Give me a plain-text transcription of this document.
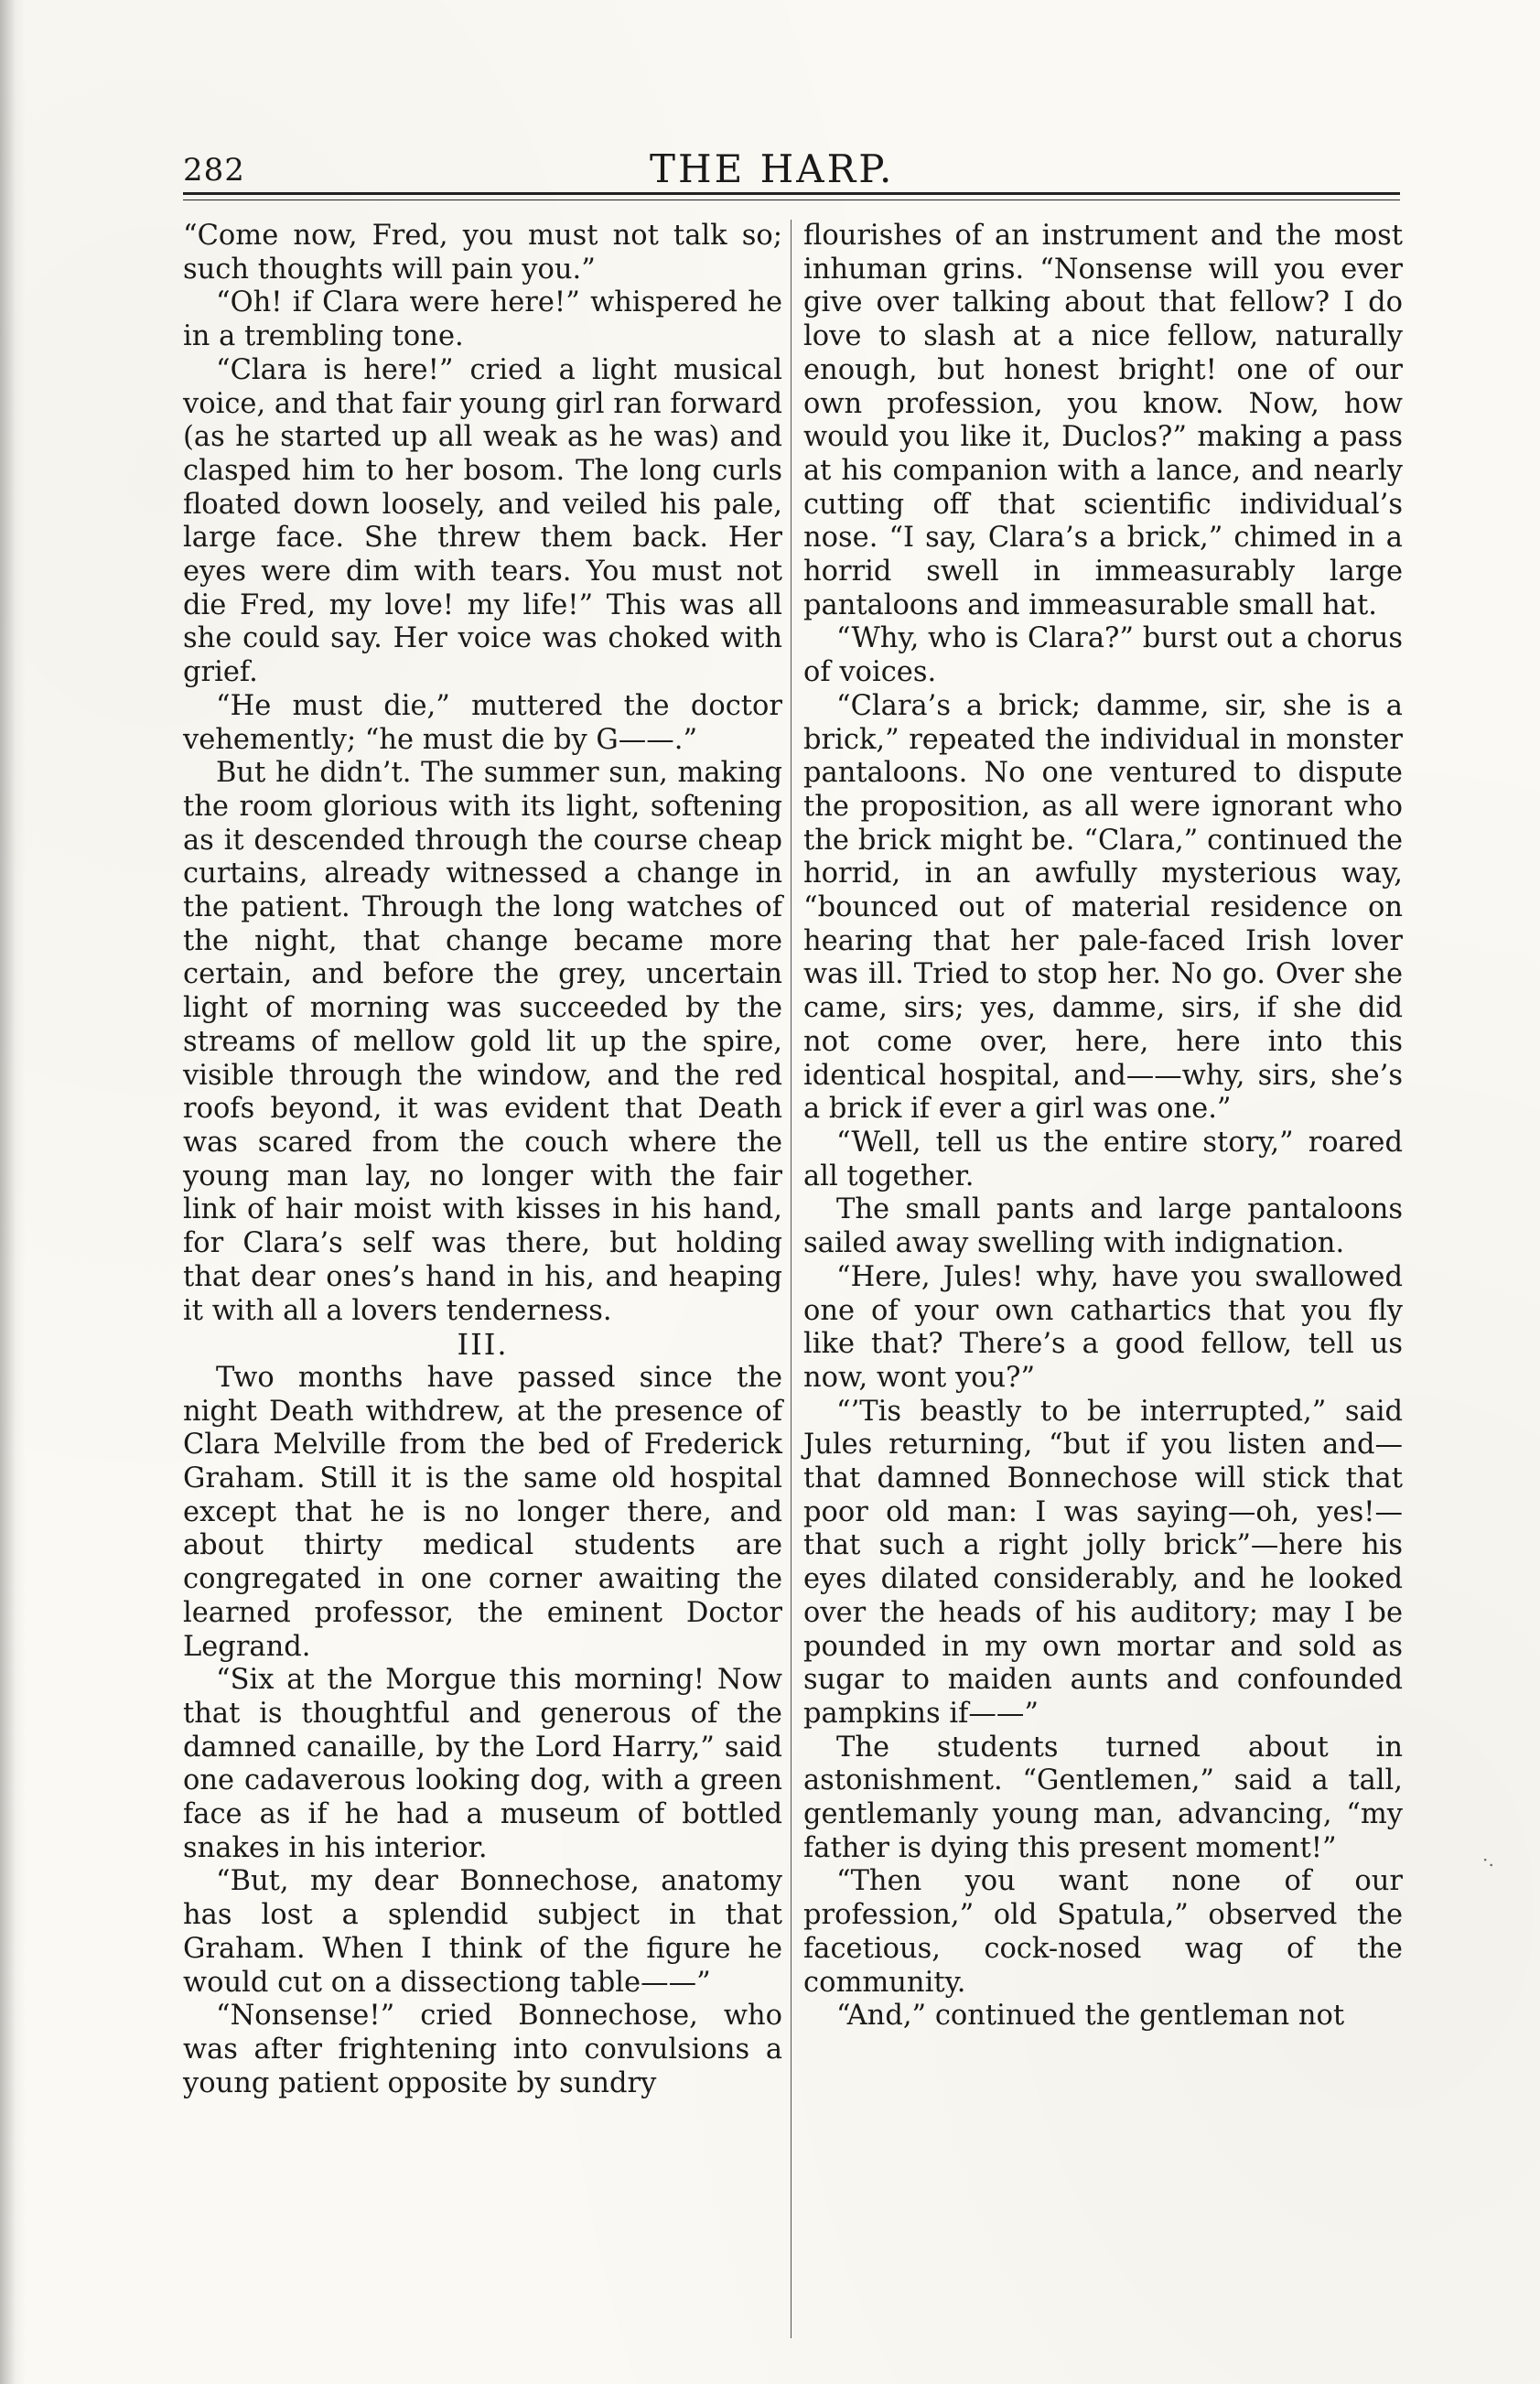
282	THE HARP.

“Come now, Fred, you must not talk so; such thoughts will pain you.”

“Oh! if Clara were here!” whispered he in a trembling tone.

“Clara is here!” cried a light musical voice, and that fair young girl ran forward (as he started up all weak as he was) and clasped him to her bosom. The long curls floated down loosely, and veiled his pale, large face. She threw them back. Her eyes were dim with tears. You must not die Fred, my love! my life!” This was all she could say. Her voice was choked with grief.

“He must die,” muttered the doctor vehemently; “he must die by G——.”

But he didn’t. The summer sun, making the room glorious with its light, softening as it descended through the course cheap curtains, already witnessed a change in the patient. Through the long watches of the night, that change became more certain, and before the grey, uncertain light of morning was succeeded by the streams of mellow gold lit up the spire, visible through the window, and the red roofs beyond, it was evident that Death was scared from the couch where the young man lay, no longer with the fair link of hair moist with kisses in his hand, for Clara’s self was there, but holding that dear ones’s hand in his, and heaping it with all a lovers tenderness.

III.

Two months have passed since the night Death withdrew, at the presence of Clara Melville from the bed of Frederick Graham. Still it is the same old hospital except that he is no longer there, and about thirty medical students are congregated in one corner awaiting the learned professor, the eminent Doctor Legrand.

“Six at the Morgue this morning! Now that is thoughtful and generous of the damned canaille, by the Lord Harry,” said one cadaverous looking dog, with a green face as if he had a museum of bottled snakes in his interior.

“But, my dear Bonnechose, anatomy has lost a splendid subject in that Graham. When I think of the figure he would cut on a dissectiong table——”

“Nonsense!” cried Bonnechose, who was after frightening into convulsions a young patient opposite by sundry

flourishes of an instrument and the most inhuman grins. “Nonsense will you ever give over talking about that fellow? I do love to slash at a nice fellow, naturally enough, but honest bright! one of our own profession, you know. Now, how would you like it, Duclos?” making a pass at his companion with a lance, and nearly cutting off that scientific individual’s nose. “I say, Clara’s a brick,” chimed in a horrid swell in immeasurably large pantaloons and immeasurable small hat.

“Why, who is Clara?” burst out a chorus of voices.

“Clara’s a brick; damme, sir, she is a brick,” repeated the individual in monster pantaloons. No one ventured to dispute the proposition, as all were ignorant who the brick might be. “Clara,” continued the horrid, in an awfully mysterious way, “bounced out of material residence on hearing that her pale-faced Irish lover was ill. Tried to stop her. No go. Over she came, sirs; yes, damme, sirs, if she did not come over, here, here into this identical hospital, and——why, sirs, she’s a brick if ever a girl was one.”

“Well, tell us the entire story,” roared all together.

The small pants and large pantaloons sailed away swelling with indignation.

“Here, Jules! why, have you swallowed one of your own cathartics that you fly like that? There’s a good fellow, tell us now, wont you?”

“’Tis beastly to be interrupted,” said Jules returning, “but if you listen and—that damned Bonnechose will stick that poor old man: I was saying—oh, yes!—that such a right jolly brick”—here his eyes dilated considerably, and he looked over the heads of his auditory; may I be pounded in my own mortar and sold as sugar to maiden aunts and confounded pampkins if——”

The students turned about in astonishment. “Gentlemen,” said a tall, gentlemanly young man, advancing, “my father is dying this present moment!”

“Then you want none of our profession,” old Spatula,” observed the facetious, cock-nosed wag of the community.

“And,” continued the gentleman not

·․
